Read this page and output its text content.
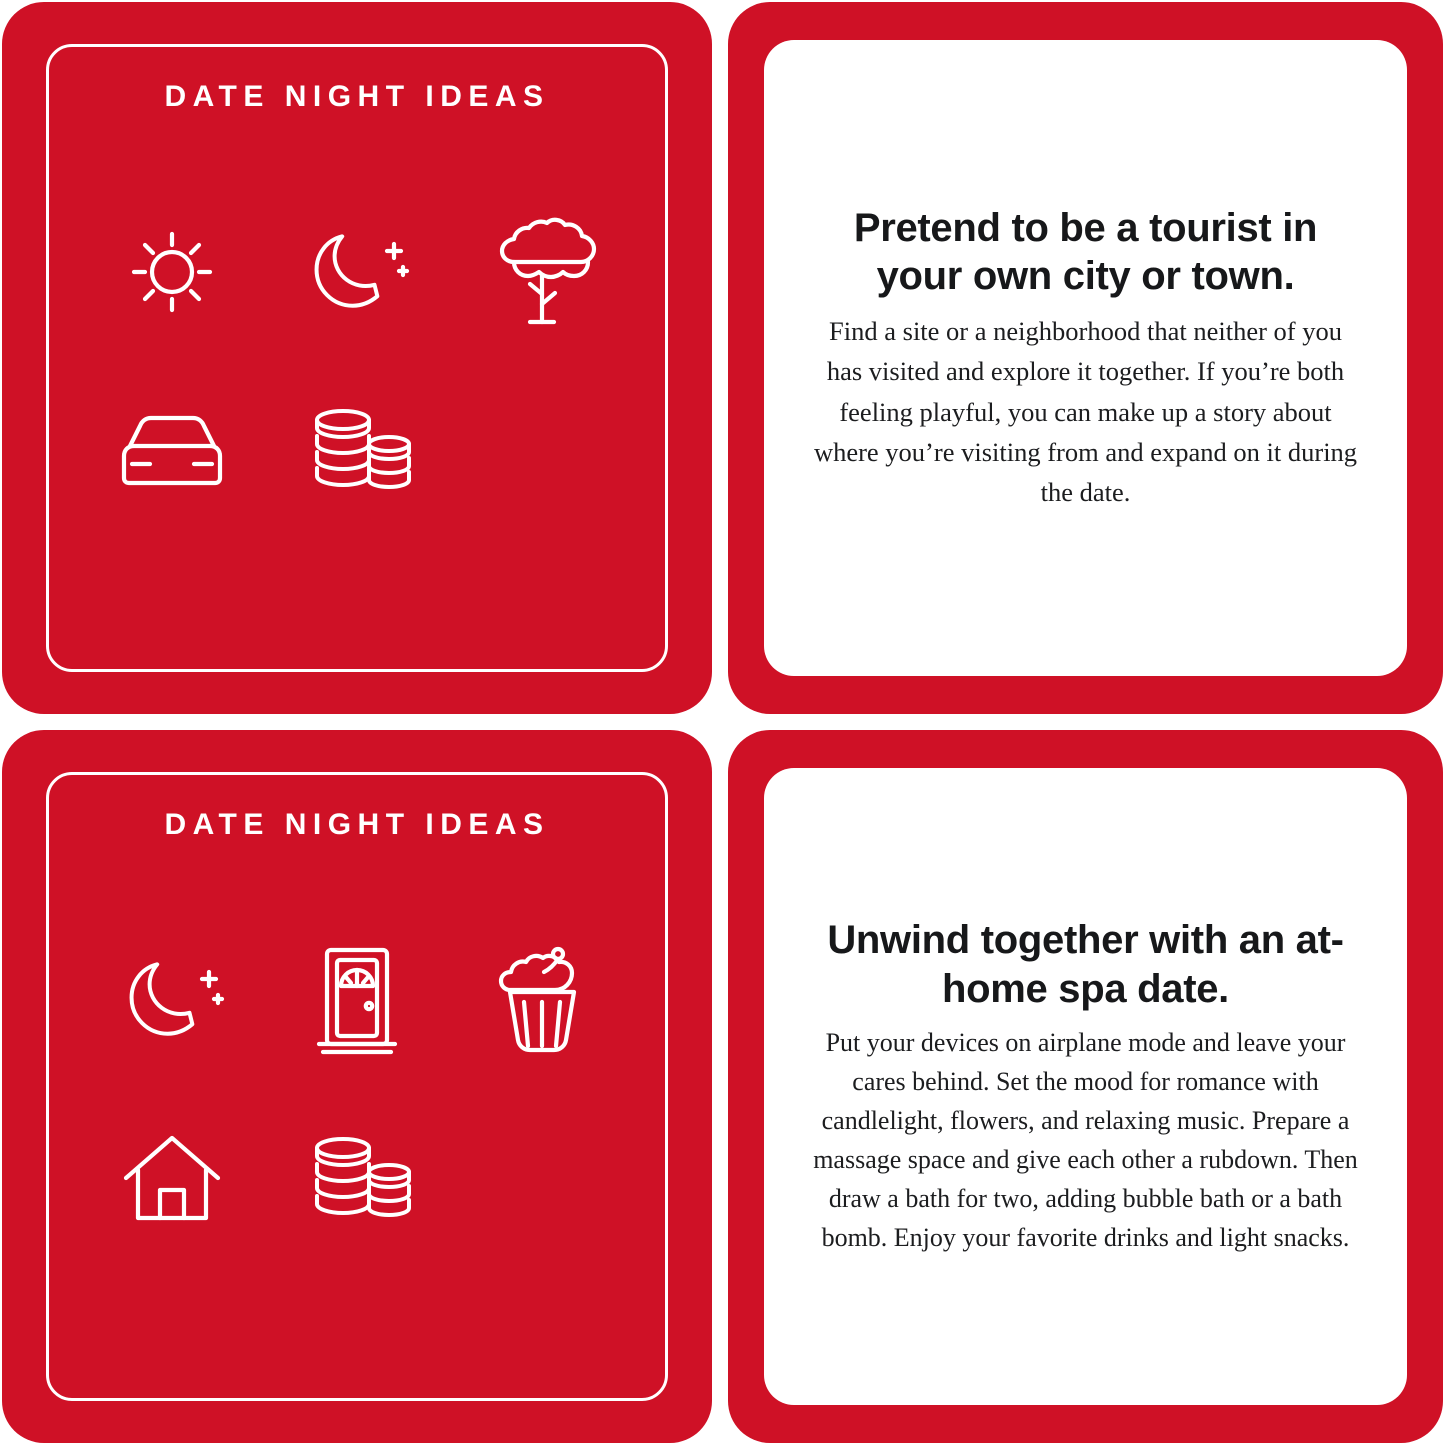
DATE NIGHT IDEAS
Pretend to be a tourist in your own city or town.

Find a site or a neighborhood that neither of you has visited and explore it together. If you’re both feeling playful, you can make up a story about where you’re visiting from and expand on it during the date.

DATE NIGHT IDEAS
Unwind together with an at-home spa date.

Put your devices on airplane mode and leave your cares behind. Set the mood for romance with candlelight, flowers, and relaxing music. Prepare a massage space and give each other a rubdown. Then draw a bath for two, adding bubble bath or a bath bomb. Enjoy your favorite drinks and light snacks.
